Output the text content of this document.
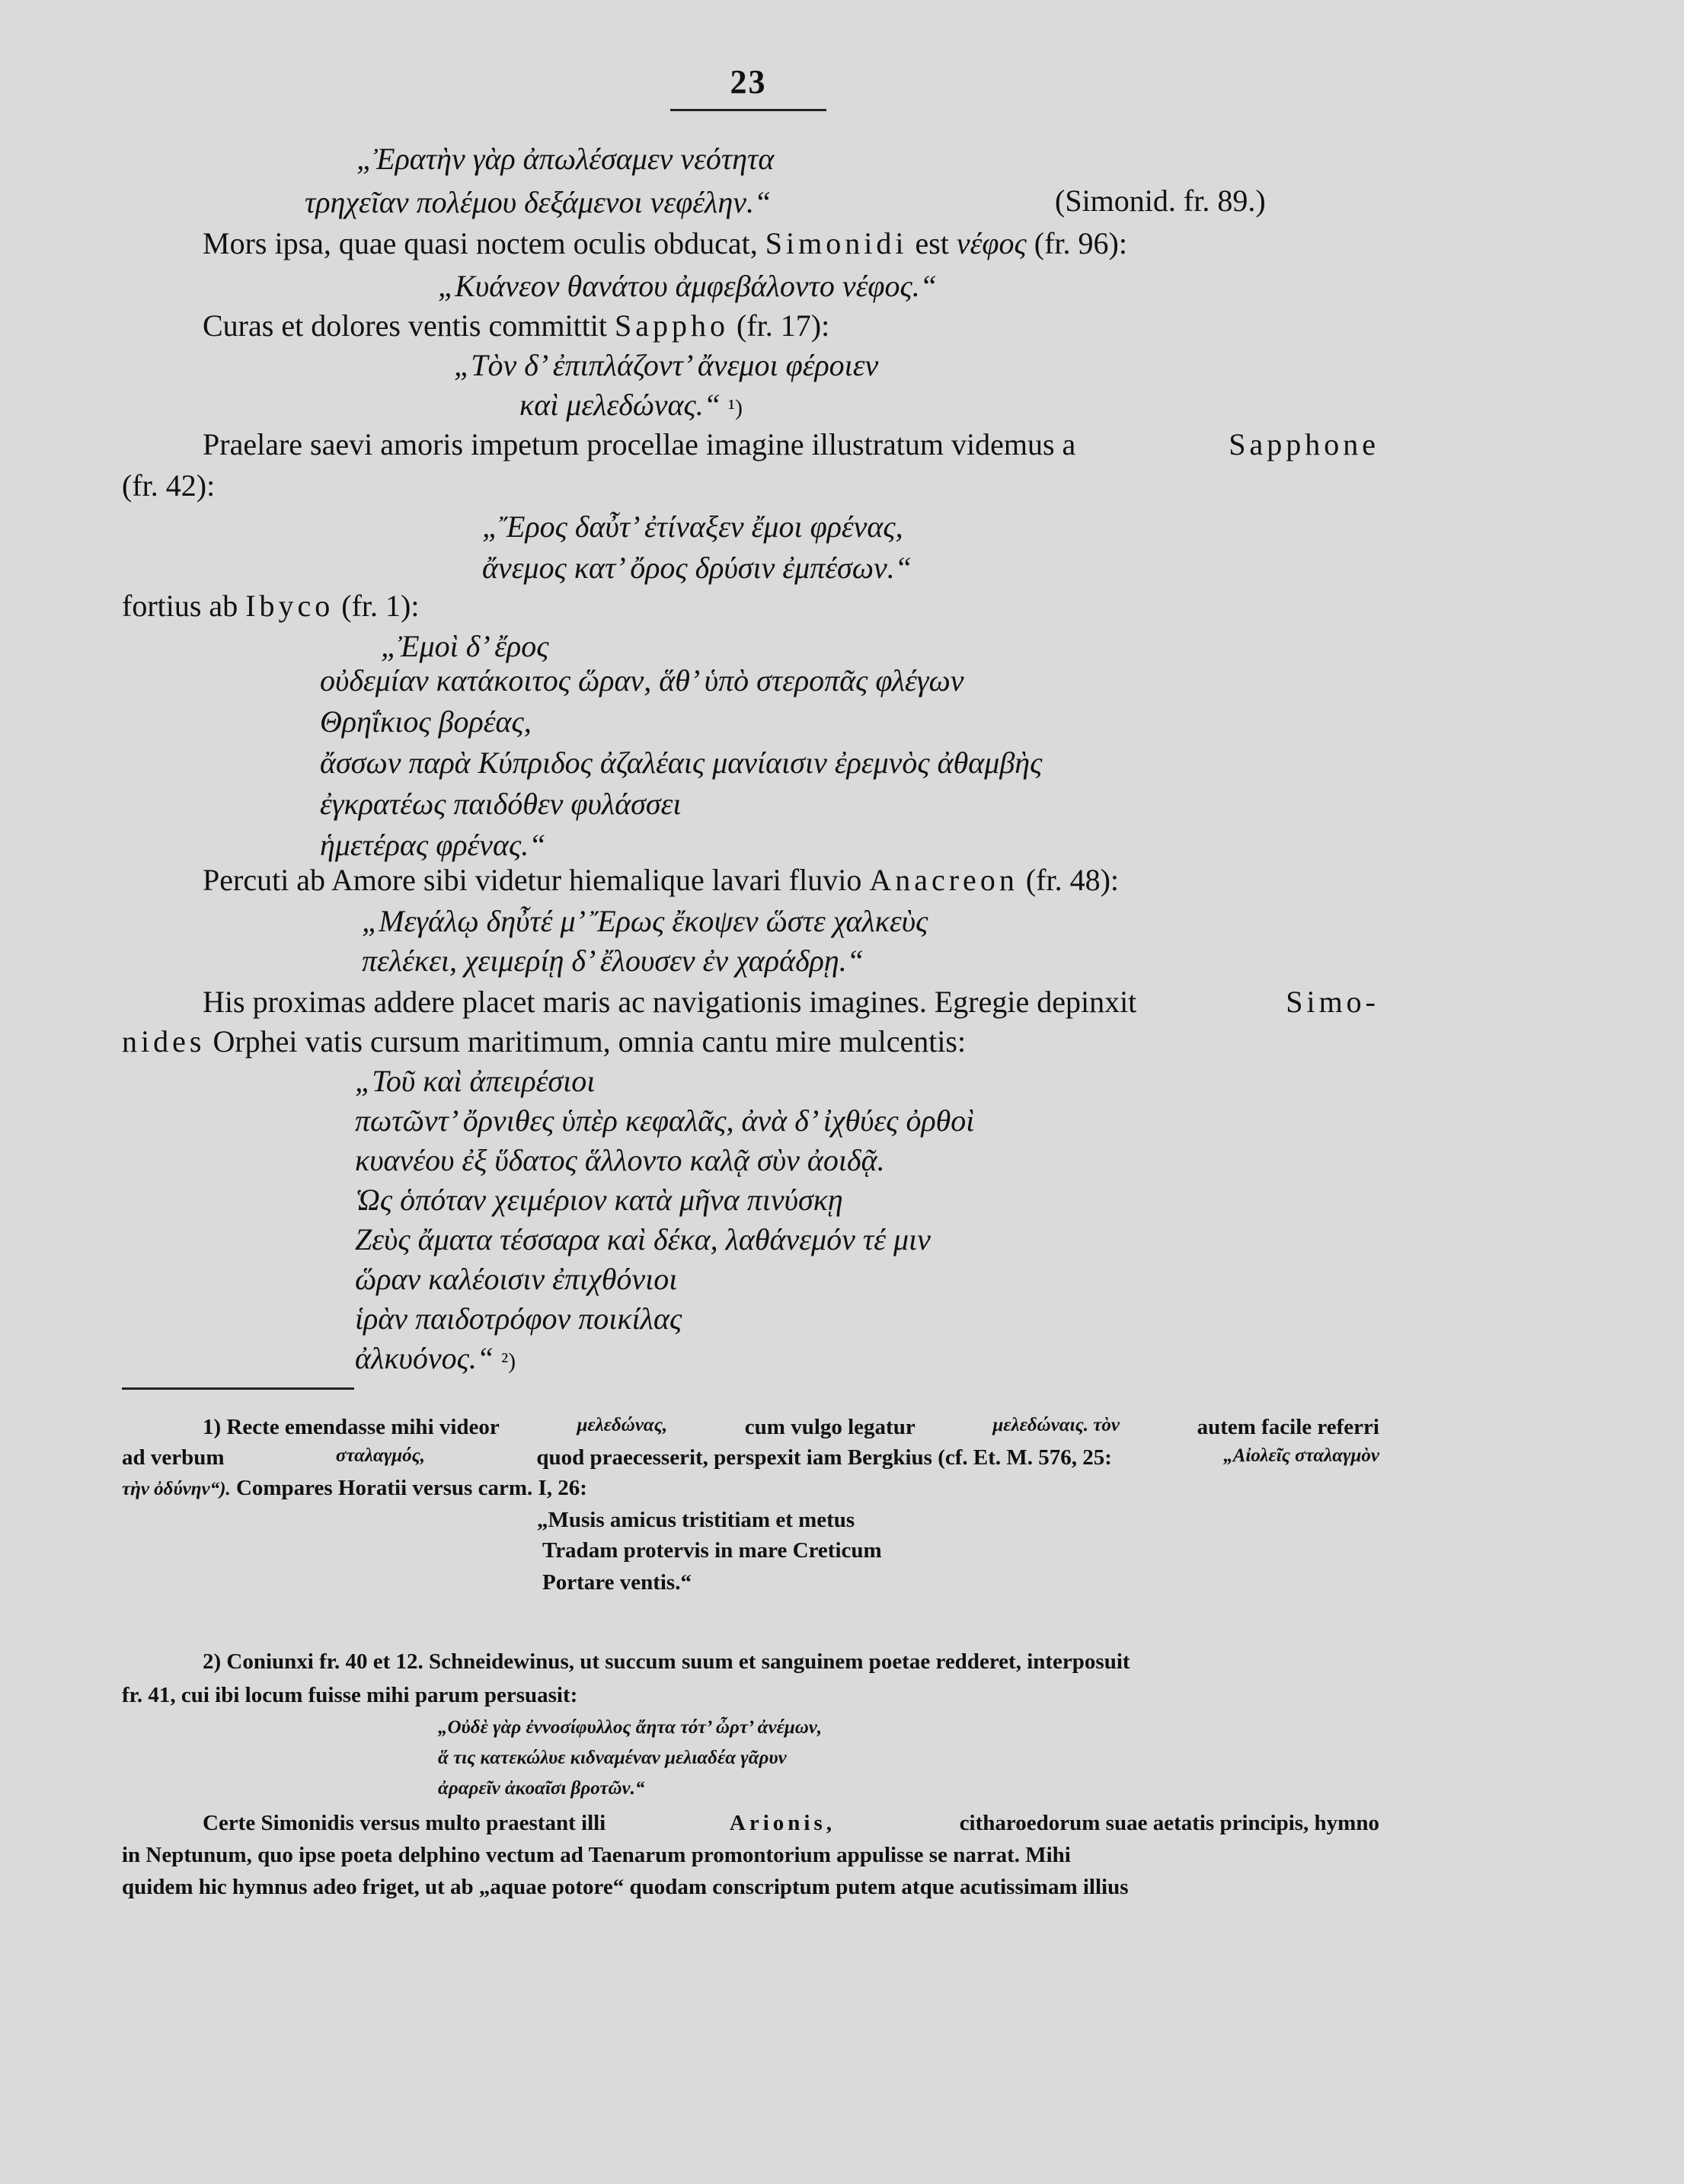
23
„Ἐρατὴν γὰρ ἀπωλέσαμεν νεότητα
τρηχεῖαν πολέμου δεξάμενοι νεφέλην.“	(Simonid. fr. 89.)
Mors ipsa, quae quasi noctem oculis obducat, Simonidi est νέφος (fr. 96):
„Κυάνεον θανάτου ἀμφεβάλοντο νέφος.“
Curas et dolores ventis committit Sappho (fr. 17):
„Τὸν δ’ ἐπιπλάζοντ’ ἄνεμοι φέροιεν
καὶ μελεδώνας.“ ¹)
Praelare saevi amoris impetum procellae imagine illustratum videmus a	Sapphone
(fr. 42):
„Ἔρος δαὖτ’ ἐτίναξεν ἔμοι φρένας,
ἄνεμος κατ’ ὄρος δρύσιν ἐμπέσων.“
fortius ab Ibyco (fr. 1):
„Ἐμοὶ δ’ ἔρος
οὐδεμίαν κατάκοιτος ὥραν, ἅθ’ ὑπὸ στεροπᾶς φλέγων
Θρηΐκιος βορέας,
ἄσσων παρὰ Κύπριδος ἀζαλέαις μανίαισιν ἐρεμνὸς ἀθαμβὴς
ἐγκρατέως παιδόθεν φυλάσσει
ἡμετέρας φρένας.“
Percuti ab Amore sibi videtur hiemalique lavari fluvio Anacreon (fr. 48):
„Μεγάλῳ δηὖτέ μ’ Ἔρως ἔκοψεν ὥστε χαλκεὺς
πελέκει, χειμερίῃ δ’ ἔλουσεν ἐν χαράδρῃ.“
His proximas addere placet maris ac navigationis imagines. Egregie depinxit	Simo-
nides Orphei vatis cursum maritimum, omnia cantu mire mulcentis:
„Τοῦ καὶ ἀπειρέσιοι
πωτῶντ’ ὄρνιθες ὑπὲρ κεφαλᾶς, ἀνὰ δ’ ἰχθύες ὀρθοὶ
κυανέου ἐξ ὕδατος ἅλλοντο καλᾷ σὺν ἀοιδᾷ.
Ὡς ὁπόταν χειμέριον κατὰ μῆνα πινύσκῃ
Ζεὺς ἄματα τέσσαρα καὶ δέκα, λαθάνεμόν τέ μιν
ὥραν καλέοισιν ἐπιχθόνιοι
ἱρὰν παιδοτρόφον ποικίλας
ἀλκυόνος.“ ²)
1) Recte emendasse mihi videor	μελεδώνας,	cum vulgo legatur	μελεδώναις. τὸν	autem facile referri
ad verbum	σταλαγμός,	quod praecesserit, perspexit iam Bergkius (cf. Et. M. 576, 25:	„Αἰολεῖς σταλαγμὸν
τὴν ὀδύνην“). Compares Horatii versus carm. I, 26:
„Musis amicus tristitiam et metus
Tradam protervis in mare Creticum
Portare ventis.“
2) Coniunxi fr. 40 et 12. Schneidewinus, ut succum suum et sanguinem poetae redderet, interposuit
fr. 41, cui ibi locum fuisse mihi parum persuasit:
„Οὐδὲ γὰρ ἐννοσίφυλλος ἄητα τότ’ ὦρτ’ ἀνέμων,
ἅ τις κατεκώλυε κιδναμέναν μελιαδέα γᾶρυν
ἀραρεῖν ἀκοαῖσι βροτῶν.“
Certe Simonidis versus multo praestant illi	Arionis,	citharoedorum suae aetatis principis, hymno
in Neptunum, quo ipse poeta delphino vectum ad Taenarum promontorium appulisse se narrat. Mihi
quidem hic hymnus adeo friget, ut ab „aquae potore“ quodam conscriptum putem atque acutissimam illius
